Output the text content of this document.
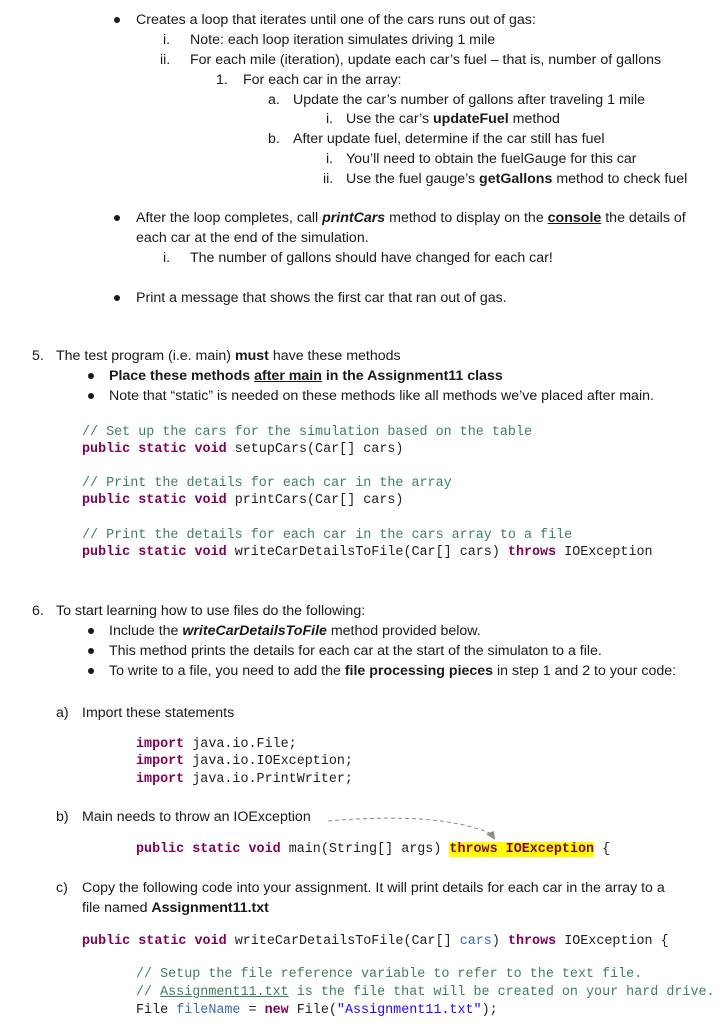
Creates a loop that iterates until one of the cars runs out of gas:
i. Note: each loop iteration simulates driving 1 mile
ii. For each mile (iteration), update each car’s fuel – that is, number of gallons
1. For each car in the array:
a. Update the car’s number of gallons after traveling 1 mile
i. Use the car’s updateFuel method
b. After update fuel, determine if the car still has fuel
i. You’ll need to obtain the fuelGauge for this car
ii. Use the fuel gauge’s getGallons method to check fuel
After the loop completes, call printCars method to display on the console the details of
each car at the end of the simulation.
i. The number of gallons should have changed for each car!
Print a message that shows the first car that ran out of gas.
5. The test program (i.e. main) must have these methods
Place these methods after main in the Assignment11 class
Note that “static” is needed on these methods like all methods we’ve placed after main.
// Set up the cars for the simulation based on the table
public static void setupCars(Car[] cars)
// Print the details for each car in the array
public static void printCars(Car[] cars)
// Print the details for each car in the cars array to a file
public static void writeCarDetailsToFile(Car[] cars) throws IOException
6. To start learning how to use files do the following:
Include the writeCarDetailsToFile method provided below.
This method prints the details for each car at the start of the simulaton to a file.
To write to a file, you need to add the file processing pieces in step 1 and 2 to your code:
a) Import these statements
import java.io.File;
import java.io.IOException;
import java.io.PrintWriter;
b) Main needs to throw an IOException
public static void main(String[] args) throws IOException {
c) Copy the following code into your assignment. It will print details for each car in the array to a
file named Assignment11.txt
public static void writeCarDetailsToFile(Car[] cars) throws IOException {
// Setup the file reference variable to refer to the text file.
// Assignment11.txt is the file that will be created on your hard drive.
File fileName = new File("Assignment11.txt");
